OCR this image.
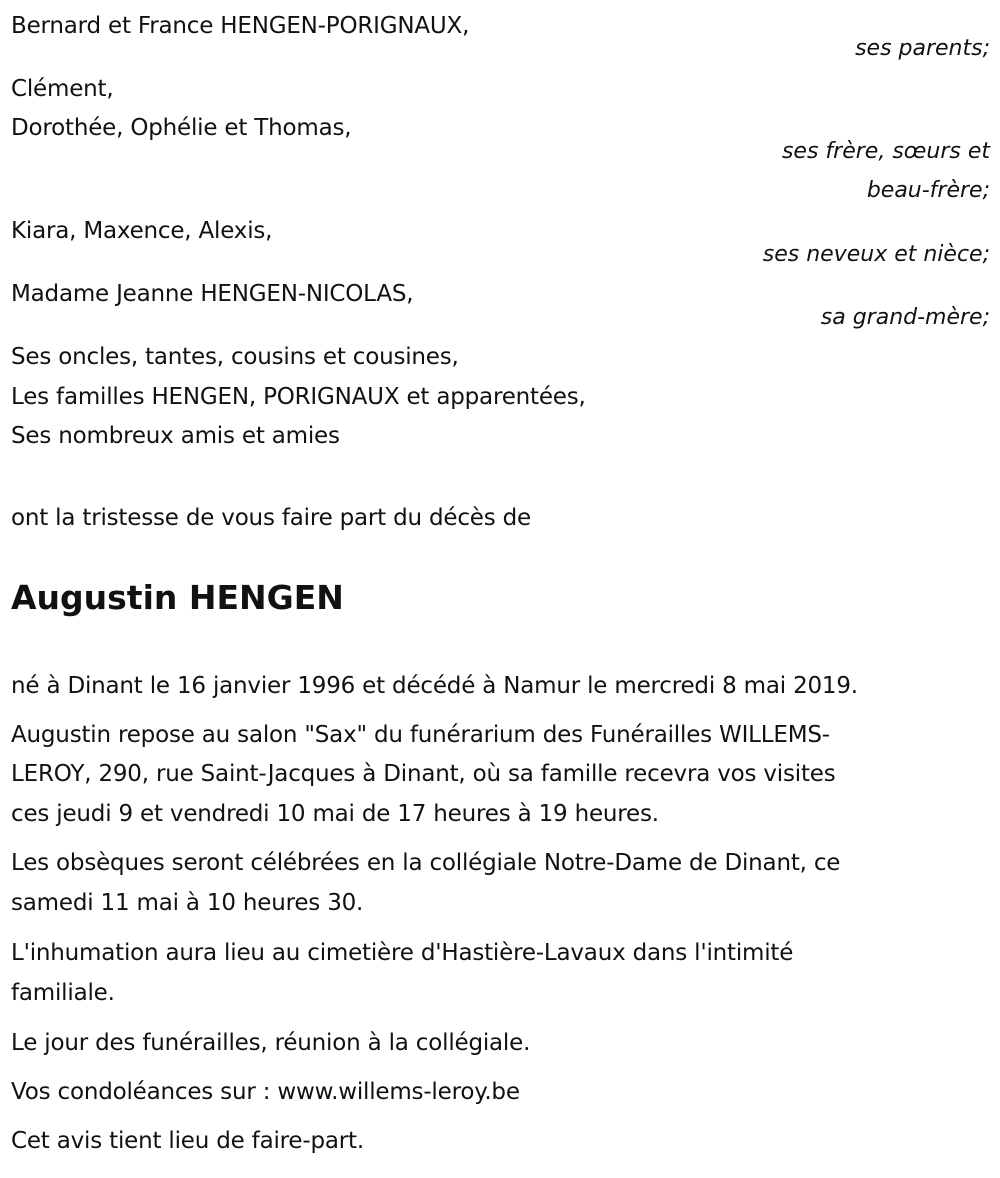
Bernard et France HENGEN-PORIGNAUX,
ses parents;
Clément,
Dorothée, Ophélie et Thomas,
ses frère, sœurs et
beau-frère;
Kiara, Maxence, Alexis,
ses neveux et nièce;
Madame Jeanne HENGEN-NICOLAS,
sa grand-mère;
Ses oncles, tantes, cousins et cousines,
Les familles HENGEN, PORIGNAUX et apparentées,
Ses nombreux amis et amies
ont la tristesse de vous faire part du décès de
Augustin HENGEN
né à Dinant le 16 janvier 1996 et décédé à Namur le mercredi 8 mai 2019.
Augustin repose au salon "Sax" du funérarium des Funérailles WILLEMS-
LEROY, 290, rue Saint-Jacques à Dinant, où sa famille recevra vos visites
ces jeudi 9 et vendredi 10 mai de 17 heures à 19 heures.
Les obsèques seront célébrées en la collégiale Notre-Dame de Dinant, ce
samedi 11 mai à 10 heures 30.
L'inhumation aura lieu au cimetière d'Hastière-Lavaux dans l'intimité
familiale.
Le jour des funérailles, réunion à la collégiale.
Vos condoléances sur : www.willems-leroy.be
Cet avis tient lieu de faire-part.
